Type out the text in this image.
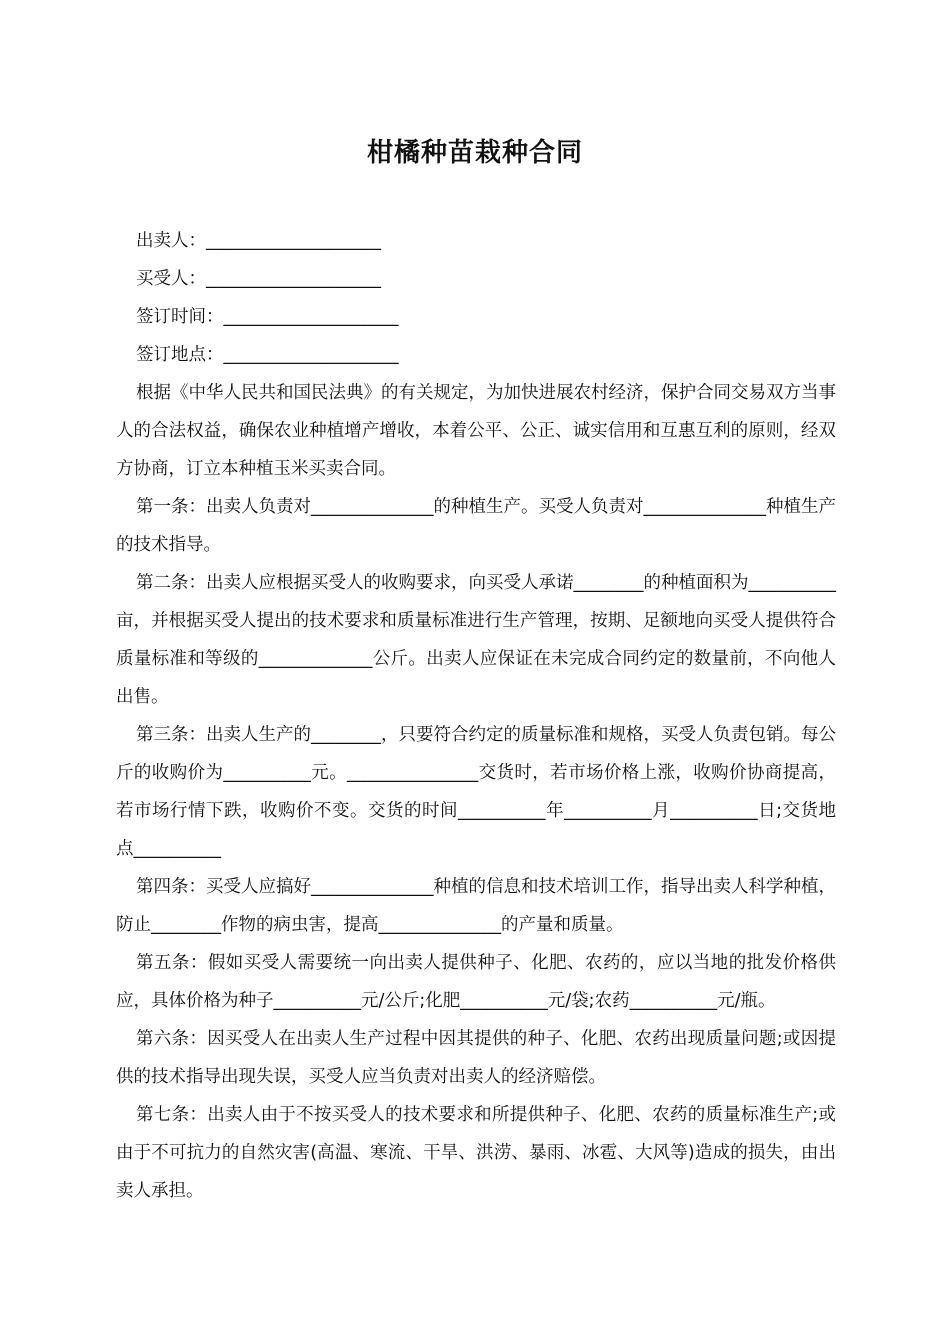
柑橘种苗栽种合同

出卖人：____________________

买受人：____________________

签订时间：____________________

签订地点：____________________

根据《中华人民共和国民法典》的有关规定，为加快进展农村经济，保护合同交易双方当事人的合法权益，确保农业种植增产增收，本着公平、公正、诚实信用和互惠互利的原则，经双方协商，订立本种植玉米买卖合同。

第一条：出卖人负责对______________的种植生产。买受人负责对______________种植生产的技术指导。

第二条：出卖人应根据买受人的收购要求，向买受人承诺________的种植面积为__________亩，并根据买受人提出的技术要求和质量标准进行生产管理，按期、足额地向买受人提供符合质量标准和等级的_____________公斤。出卖人应保证在未完成合同约定的数量前，不向他人出售。

第三条：出卖人生产的________，只要符合约定的质量标准和规格，买受人负责包销。每公斤的收购价为__________元。_______________交货时，若市场价格上涨，收购价协商提高，若市场行情下跌，收购价不变。交货的时间__________年__________月__________日;交货地点__________

第四条：买受人应搞好______________种植的信息和技术培训工作，指导出卖人科学种植，防止________作物的病虫害，提高______________的产量和质量。

第五条：假如买受人需要统一向出卖人提供种子、化肥、农药的，应以当地的批发价格供应，具体价格为种子__________元/公斤;化肥__________元/袋;农药__________元/瓶。

第六条：因买受人在出卖人生产过程中因其提供的种子、化肥、农药出现质量问题;或因提供的技术指导出现失误，买受人应当负责对出卖人的经济赔偿。

第七条：出卖人由于不按买受人的技术要求和所提供种子、化肥、农药的质量标准生产;或由于不可抗力的自然灾害(高温、寒流、干旱、洪涝、暴雨、冰雹、大风等)造成的损失，由出卖人承担。
